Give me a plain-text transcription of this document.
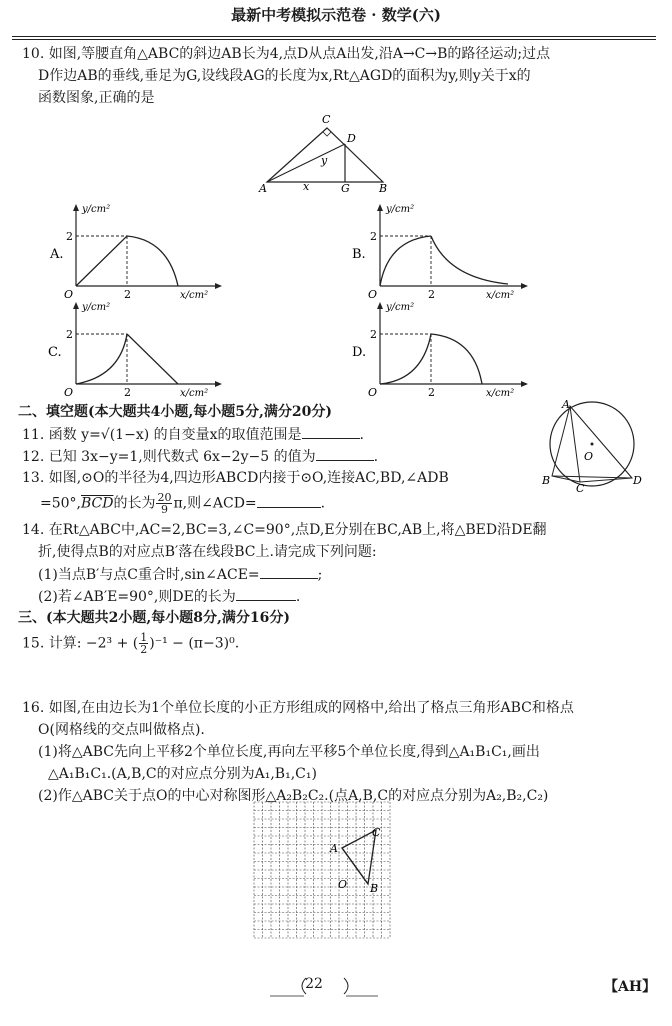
最新中考模拟示范卷 · 数学(六)
10. 如图,等腰直角△ABC的斜边AB长为4,点D从点A出发,沿A→C→B的路径运动;过点
D作边AB的垂线,垂足为G,设线段AG的长度为x,Rt△AGD的面积为y,则y关于x的
函数图象,正确的是
C
D
y
A	x	G	B
A.
y/cm²
x/cm²
O
2
2
B.
y/cm²
x/cm²
O
2
2
C.
y/cm²
x/cm²
O
2
2
D.
y/cm²
x/cm²
O
2
2
二、填空题(本大题共4小题,每小题5分,满分20分)
11. 函数 y=√(1−x) 的自变量x的取值范围是	.
12. 已知 3x−y=1,则代数式 6x−2y−5 的值为	.
13. 如图,⊙O的半径为4,四边形ABCD内接于⊙O,连接AC,BD,∠ADB
$=50^\circ,\overline{BCD}$的长为 $\frac{20}{9} \pi$,则∠ACD=	.
A
O
B
C
D
14. 在Rt△ABC中,AC=2,BC=3,∠C=90°,点D,E分别在BC,AB上,将△BED沿DE翻
折,使得点B的对应点B′落在线段BC上.请完成下列问题:
(1)当点B′与点C重合时,sin∠ACE=	;
(2)若∠AB′E=90°,则DE的长为	.
三、(本大题共2小题,每小题8分,满分16分)
15. 计算: −2³ + ( $\frac{1}{2} )^{-1} - (\pi-3)^0$.
16. 如图,在由边长为1个单位长度的小正方形组成的网格中,给出了格点三角形ABC和格点
O(网格线的交点叫做格点).
(1)将△ABC先向上平移2个单位长度,再向左平移5个单位长度,得到△A₁B₁C₁,画出
△A₁B₁C₁.(A,B,C的对应点分别为A₁,B₁,C₁)
(2)作△ABC关于点O的中心对称图形△A₂B₂C₂.(点A,B,C的对应点分别为A₂,B₂,C₂)
A
B
C
O
22	【AH】
